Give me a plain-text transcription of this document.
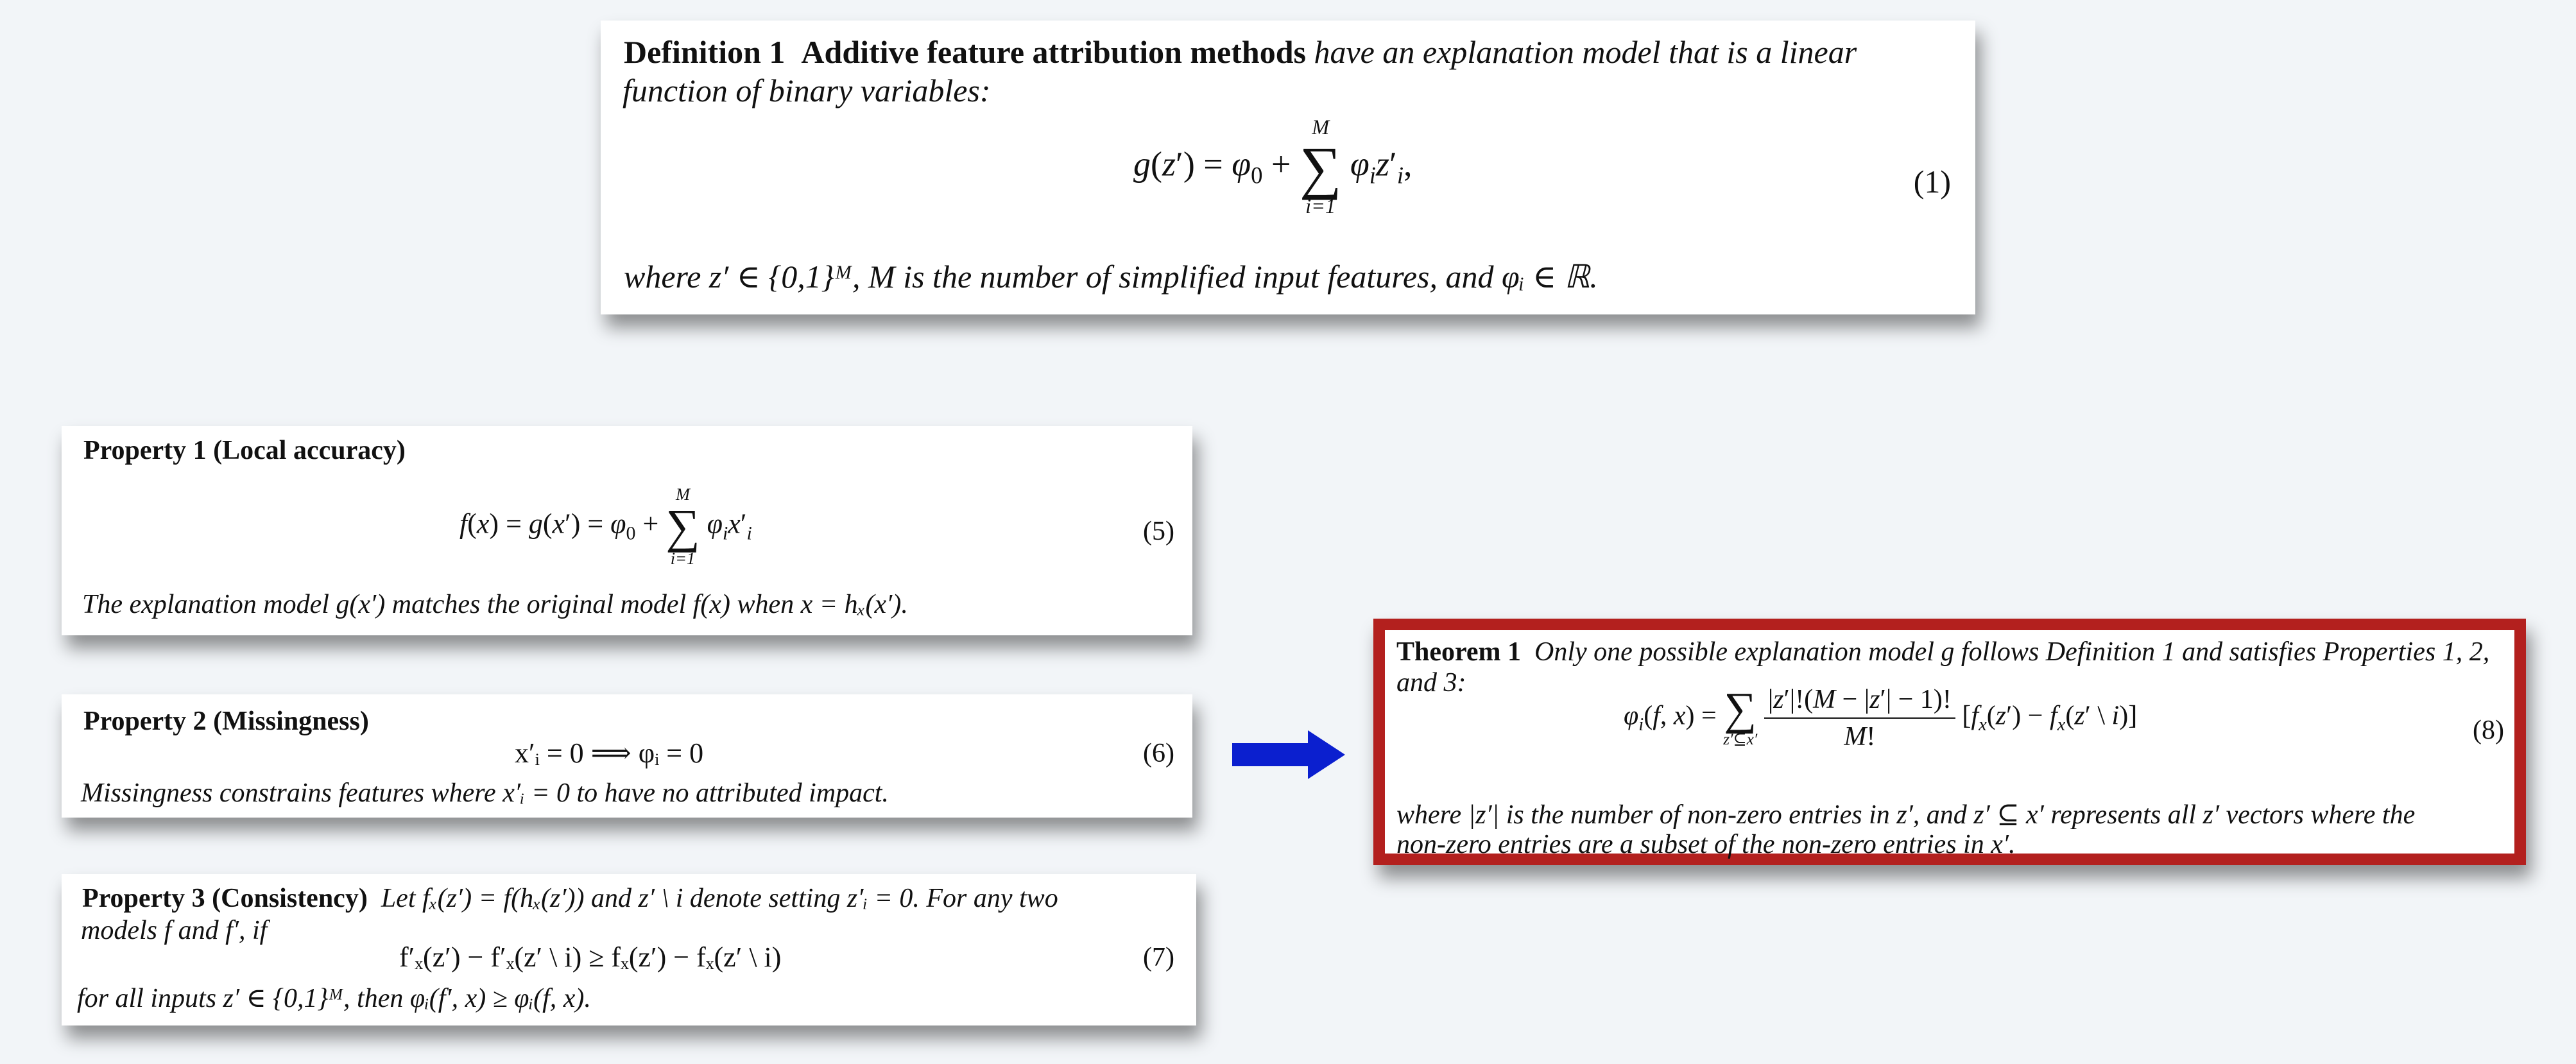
Definition 1 Additive feature attribution methods have an explanation model that is a linear
function of binary variables:
$g(z') = \varphi_0$ +
M
∑
i=1
$\varphi_iz'_i$,	(1)
where z′ ∈ {0,1}ᴹ, M is the number of simplified input features, and φᵢ ∈ ℝ.
Property 1 (Local accuracy)
$f(x) = g(x') = \varphi_0$ +
M
∑
i=1
$\varphi_ix'_i$	(5)
The explanation model g(x′) matches the original model f(x) when x = hₓ(x′).
Property 2 (Missingness)
x′ᵢ = 0 ⟹ φᵢ = 0	(6)
Missingness constrains features where x′ᵢ = 0 to have no attributed impact.
Property 3 (Consistency) Let fₓ(z′) = f(hₓ(z′)) and z′ \ i denote setting z′ᵢ = 0. For any two
models f and f′, if
f′ₓ(z′) − f′ₓ(z′ \ i) ≥ fₓ(z′) − fₓ(z′ \ i)	(7)
for all inputs z′ ∈ {0,1}ᴹ, then φᵢ(f′, x) ≥ φᵢ(f, x).
Theorem 1 Only one possible explanation model g follows Definition 1 and satisfies Properties 1, 2,
and 3:
$\varphi_i(f$, x) = ∑
z′⊆x′
$\frac{|z'|!(M - |z'| - 1)!}{M!} [f_x(z') - f_x(z'$ \ i)]	(8)
where |z′| is the number of non-zero entries in z′, and z′ ⊆ x′ represents all z′ vectors where the
non-zero entries are a subset of the non-zero entries in x′.
